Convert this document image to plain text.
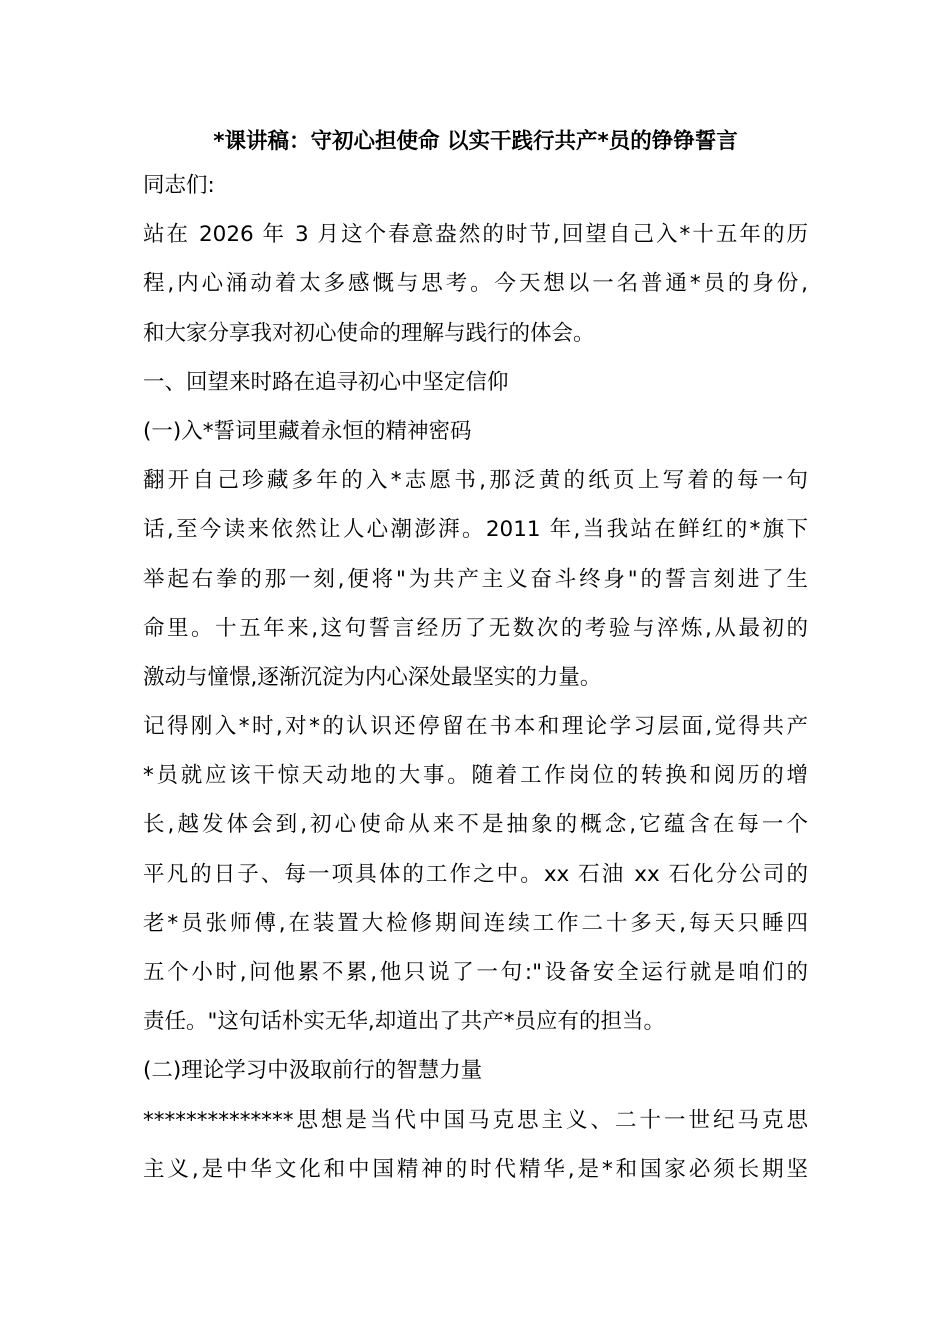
*课讲稿：守初心担使命 以实干践行共产*员的铮铮誓言

同志们:

站在 2026 年 3 月这个春意盎然的时节,回望自己入*十五年的历

程,内心涌动着太多感慨与思考。今天想以一名普通*员的身份,

和大家分享我对初心使命的理解与践行的体会。

一、回望来时路在追寻初心中坚定信仰

(一)入*誓词里藏着永恒的精神密码

翻开自己珍藏多年的入*志愿书,那泛黄的纸页上写着的每一句

话,至今读来依然让人心潮澎湃。2011 年,当我站在鲜红的*旗下

举起右拳的那一刻,便将"为共产主义奋斗终身"的誓言刻进了生

命里。十五年来,这句誓言经历了无数次的考验与淬炼,从最初的

激动与憧憬,逐渐沉淀为内心深处最坚实的力量。

记得刚入*时,对*的认识还停留在书本和理论学习层面,觉得共产

*员就应该干惊天动地的大事。随着工作岗位的转换和阅历的增

长,越发体会到,初心使命从来不是抽象的概念,它蕴含在每一个

平凡的日子、每一项具体的工作之中。xx 石油 xx 石化分公司的

老*员张师傅,在装置大检修期间连续工作二十多天,每天只睡四

五个小时,问他累不累,他只说了一句:"设备安全运行就是咱们的

责任。"这句话朴实无华,却道出了共产*员应有的担当。

(二)理论学习中汲取前行的智慧力量

**************思想是当代中国马克思主义、二十一世纪马克思

主义,是中华文化和中国精神的时代精华,是*和国家必须长期坚
